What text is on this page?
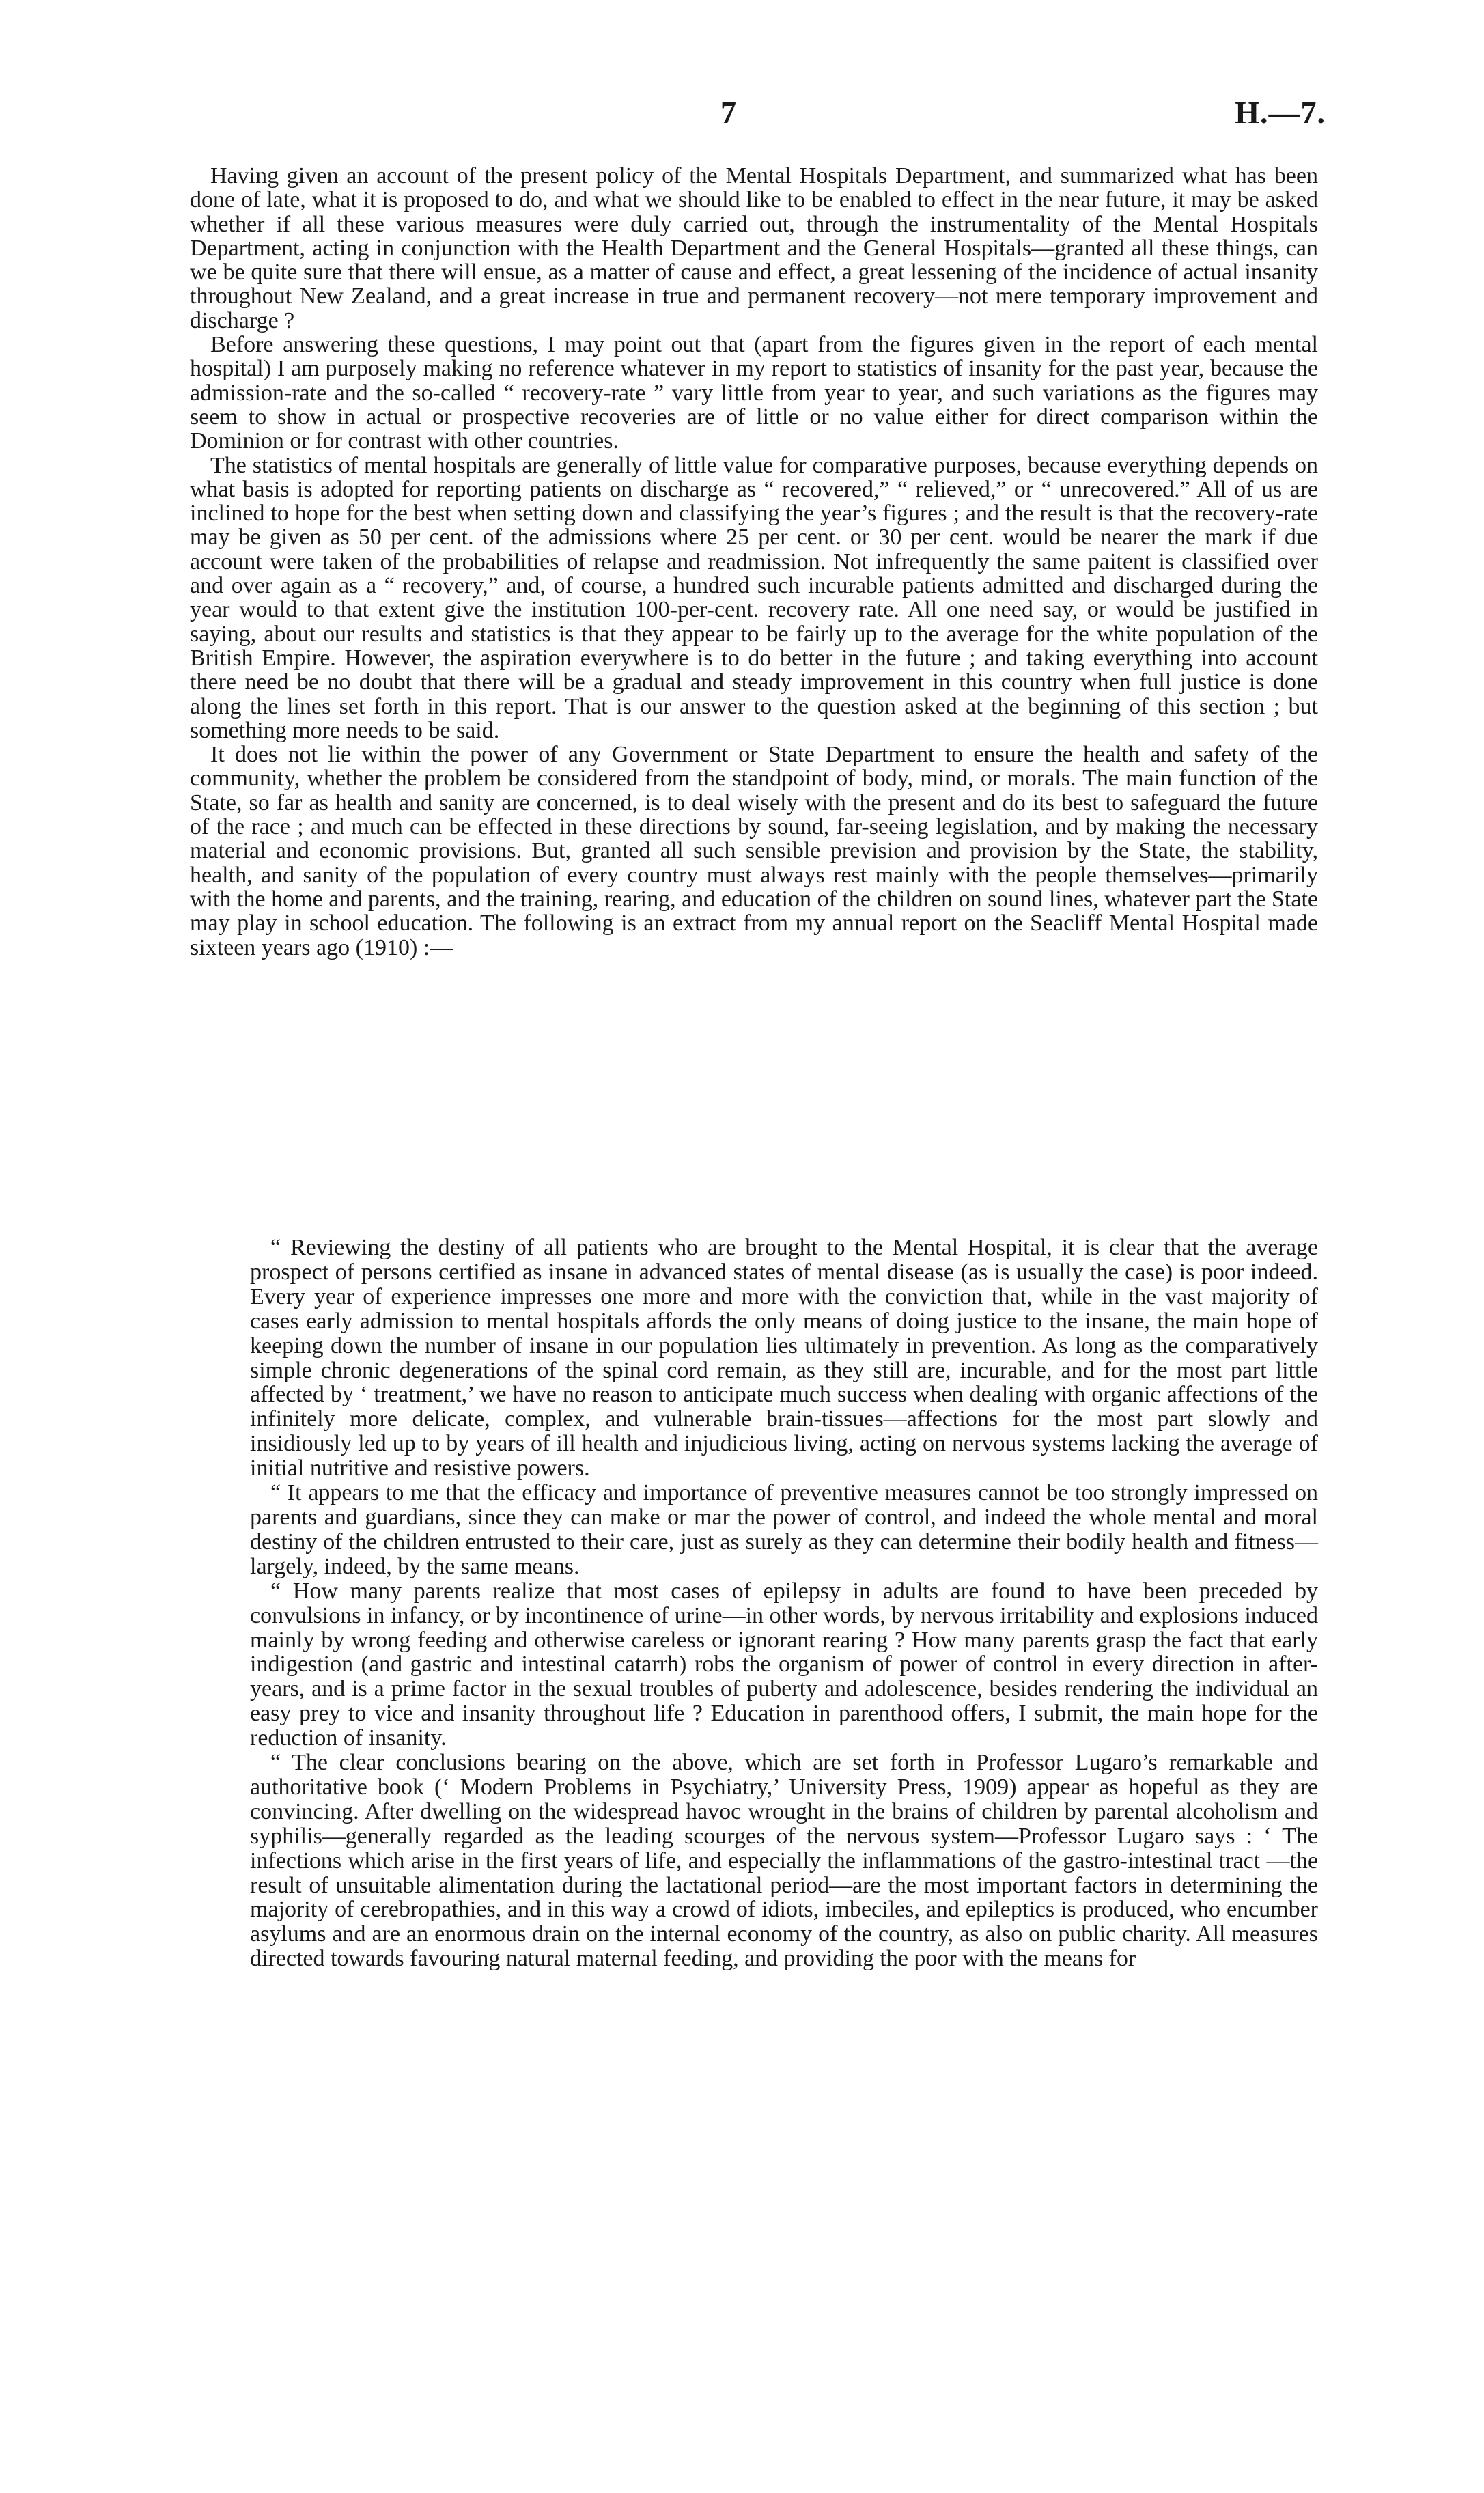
7	H.—7.

Having given an account of the present policy of the Mental Hospitals Department, and summarized what has been done of late, what it is proposed to do, and what we should like to be enabled to effect in the near future, it may be asked whether if all these various measures were duly carried out, through the instrumentality of the Mental Hospitals Department, acting in conjunction with the Health Department and the General Hospitals—granted all these things, can we be quite sure that there will ensue, as a matter of cause and effect, a great lessening of the incidence of actual insanity throughout New Zealand, and a great increase in true and permanent recovery—not mere temporary improvement and discharge ?

Before answering these questions, I may point out that (apart from the figures given in the report of each mental hospital) I am purposely making no reference whatever in my report to statistics of insanity for the past year, because the admission-rate and the so-called “ recovery-rate ” vary little from year to year, and such variations as the figures may seem to show in actual or prospective recoveries are of little or no value either for direct comparison within the Dominion or for contrast with other countries.

The statistics of mental hospitals are generally of little value for comparative purposes, because everything depends on what basis is adopted for reporting patients on discharge as “ recovered,” “ relieved,” or “ unrecovered.” All of us are inclined to hope for the best when setting down and classifying the year’s figures ; and the result is that the recovery-rate may be given as 50 per cent. of the admissions where 25 per cent. or 30 per cent. would be nearer the mark if due account were taken of the probabilities of relapse and readmission. Not infrequently the same paitent is classified over and over again as a “ recovery,” and, of course, a hundred such incurable patients admitted and discharged during the year would to that extent give the institution 100-per-cent. recovery rate. All one need say, or would be justified in saying, about our results and statistics is that they appear to be fairly up to the average for the white population of the British Empire. However, the aspiration everywhere is to do better in the future ; and taking everything into account there need be no doubt that there will be a gradual and steady improvement in this country when full justice is done along the lines set forth in this report. That is our answer to the question asked at the beginning of this section ; but something more needs to be said.

It does not lie within the power of any Government or State Department to ensure the health and safety of the community, whether the problem be considered from the standpoint of body, mind, or morals. The main function of the State, so far as health and sanity are concerned, is to deal wisely with the present and do its best to safeguard the future of the race ; and much can be effected in these directions by sound, far-seeing legislation, and by making the necessary material and economic provisions. But, granted all such sensible prevision and provision by the State, the stability, health, and sanity of the population of every country must always rest mainly with the people themselves—primarily with the home and parents, and the training, rearing, and education of the children on sound lines, whatever part the State may play in school education. The following is an extract from my annual report on the Seacliff Mental Hospital made sixteen years ago (1910) :—

“ Reviewing the destiny of all patients who are brought to the Mental Hospital, it is clear that the average prospect of persons certified as insane in advanced states of mental disease (as is usually the case) is poor indeed. Every year of experience impresses one more and more with the conviction that, while in the vast majority of cases early admission to mental hospitals affords the only means of doing justice to the insane, the main hope of keeping down the number of insane in our population lies ultimately in prevention. As long as the comparatively simple chronic degenerations of the spinal cord remain, as they still are, incurable, and for the most part little affected by ‘ treatment,’ we have no reason to anticipate much success when dealing with organic affections of the infinitely more delicate, complex, and vulnerable brain-tissues—affections for the most part slowly and insidiously led up to by years of ill health and injudicious living, acting on nervous systems lacking the average of initial nutritive and resistive powers.

“ It appears to me that the efficacy and importance of preventive measures cannot be too strongly impressed on parents and guardians, since they can make or mar the power of control, and indeed the whole mental and moral destiny of the children entrusted to their care, just as surely as they can determine their bodily health and fitness—largely, indeed, by the same means.

“ How many parents realize that most cases of epilepsy in adults are found to have been preceded by convulsions in infancy, or by incontinence of urine—in other words, by nervous irritability and explosions induced mainly by wrong feeding and otherwise careless or ignorant rearing ? How many parents grasp the fact that early indigestion (and gastric and intestinal catarrh) robs the organism of power of control in every direction in after-years, and is a prime factor in the sexual troubles of puberty and adolescence, besides rendering the individual an easy prey to vice and insanity throughout life ? Education in parenthood offers, I submit, the main hope for the reduction of insanity.

“ The clear conclusions bearing on the above, which are set forth in Professor Lugaro’s remarkable and authoritative book (‘ Modern Problems in Psychiatry,’ University Press, 1909) appear as hopeful as they are convincing. After dwelling on the widespread havoc wrought in the brains of children by parental alcoholism and syphilis—generally regarded as the leading scourges of the nervous system—Professor Lugaro says : ‘ The infections which arise in the first years of life, and especially the inflammations of the gastro-intestinal tract —the result of unsuitable alimentation during the lactational period—are the most important factors in determining the majority of cerebropathies, and in this way a crowd of idiots, imbeciles, and epileptics is produced, who encumber asylums and are an enormous drain on the internal economy of the country, as also on public charity. All measures directed towards favouring natural maternal feeding, and providing the poor with the means for
